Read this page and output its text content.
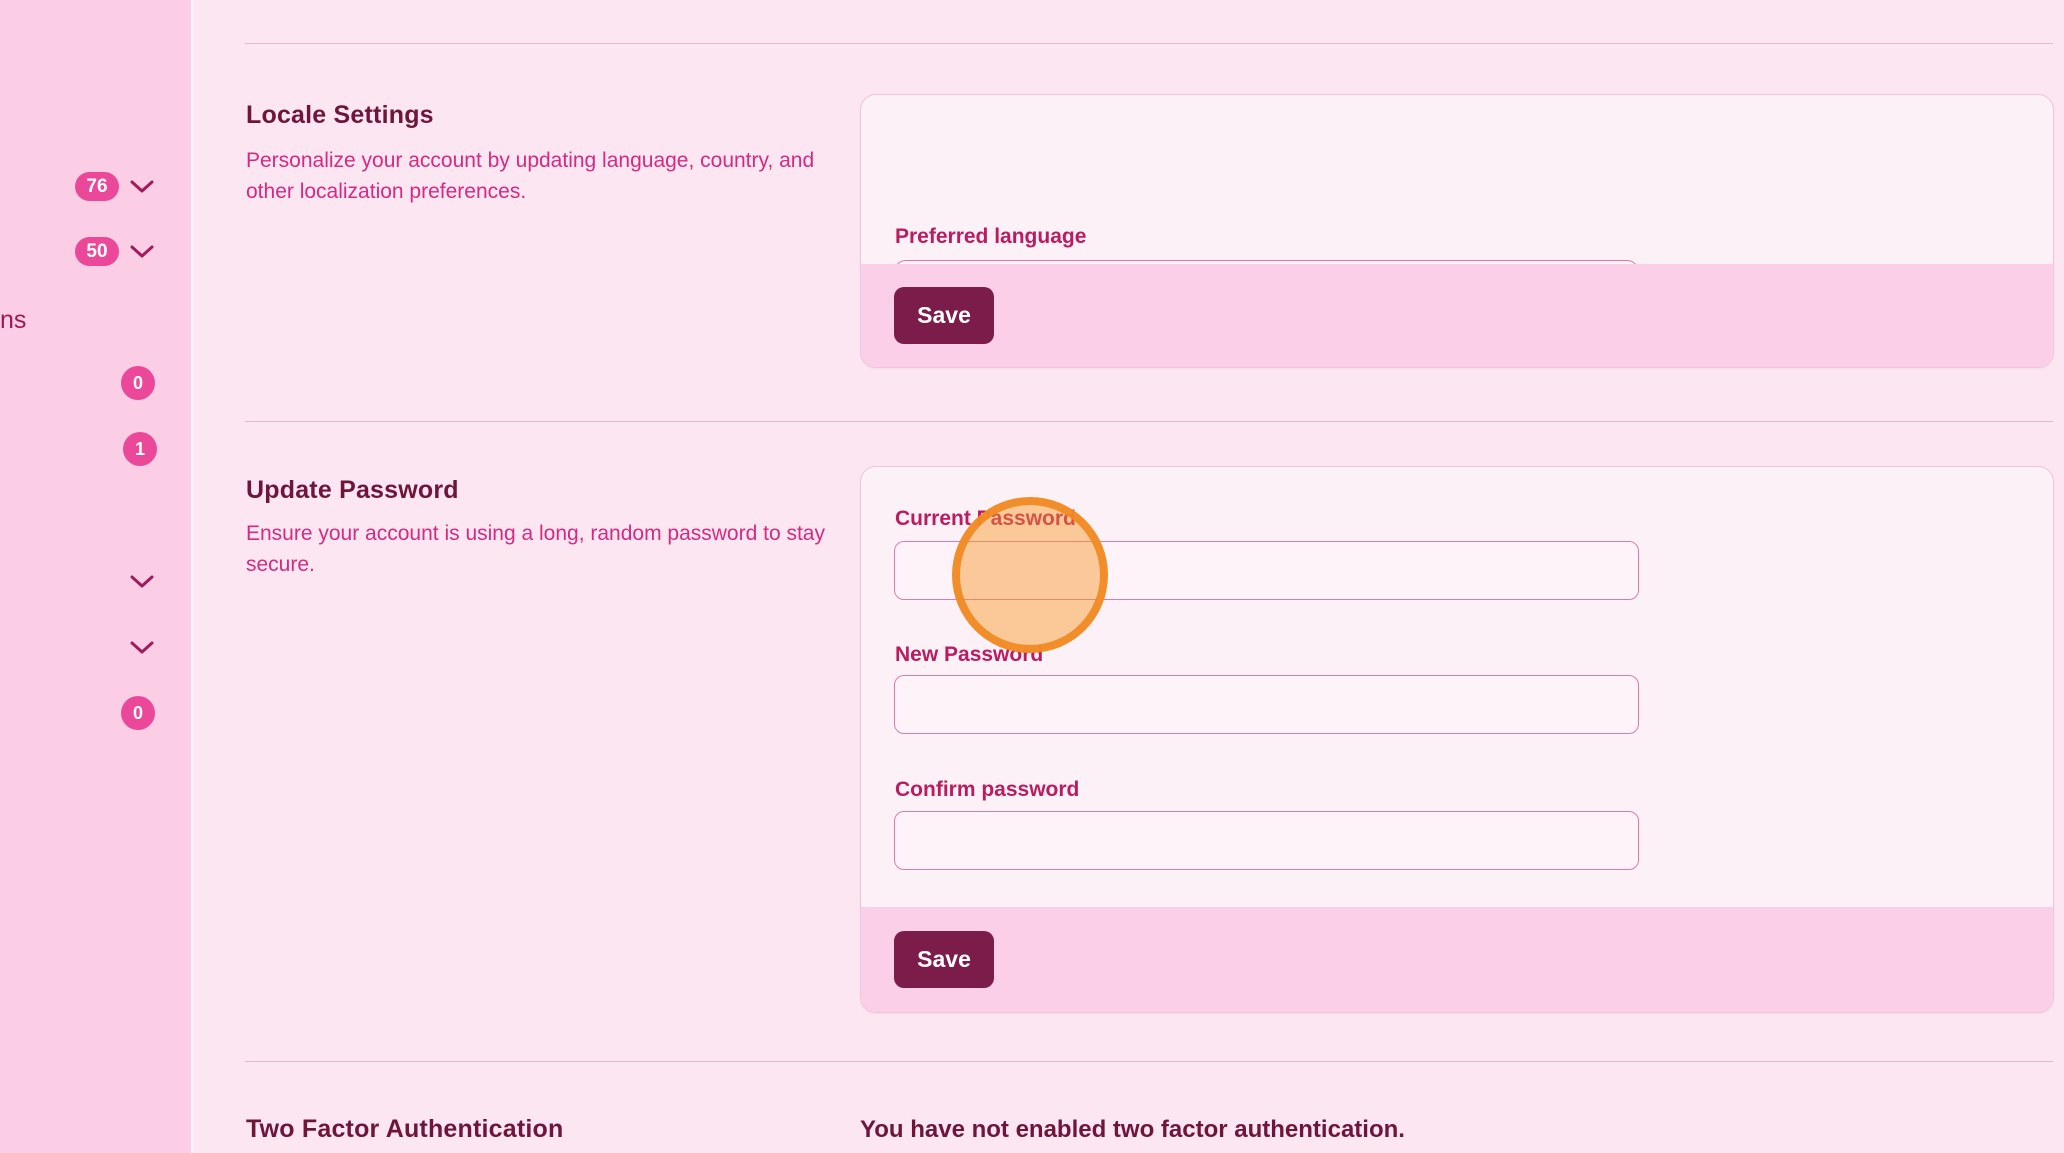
76
50
ns
0
1
0
Locale Settings

Personalize your account by updating language, country, and other localization preferences.

Preferred language
Save
Update Password

Ensure your account is using a long, random password to stay secure.

Current Password
New Password
Confirm password
Save
Two Factor Authentication	You have not enabled two factor authentication.
